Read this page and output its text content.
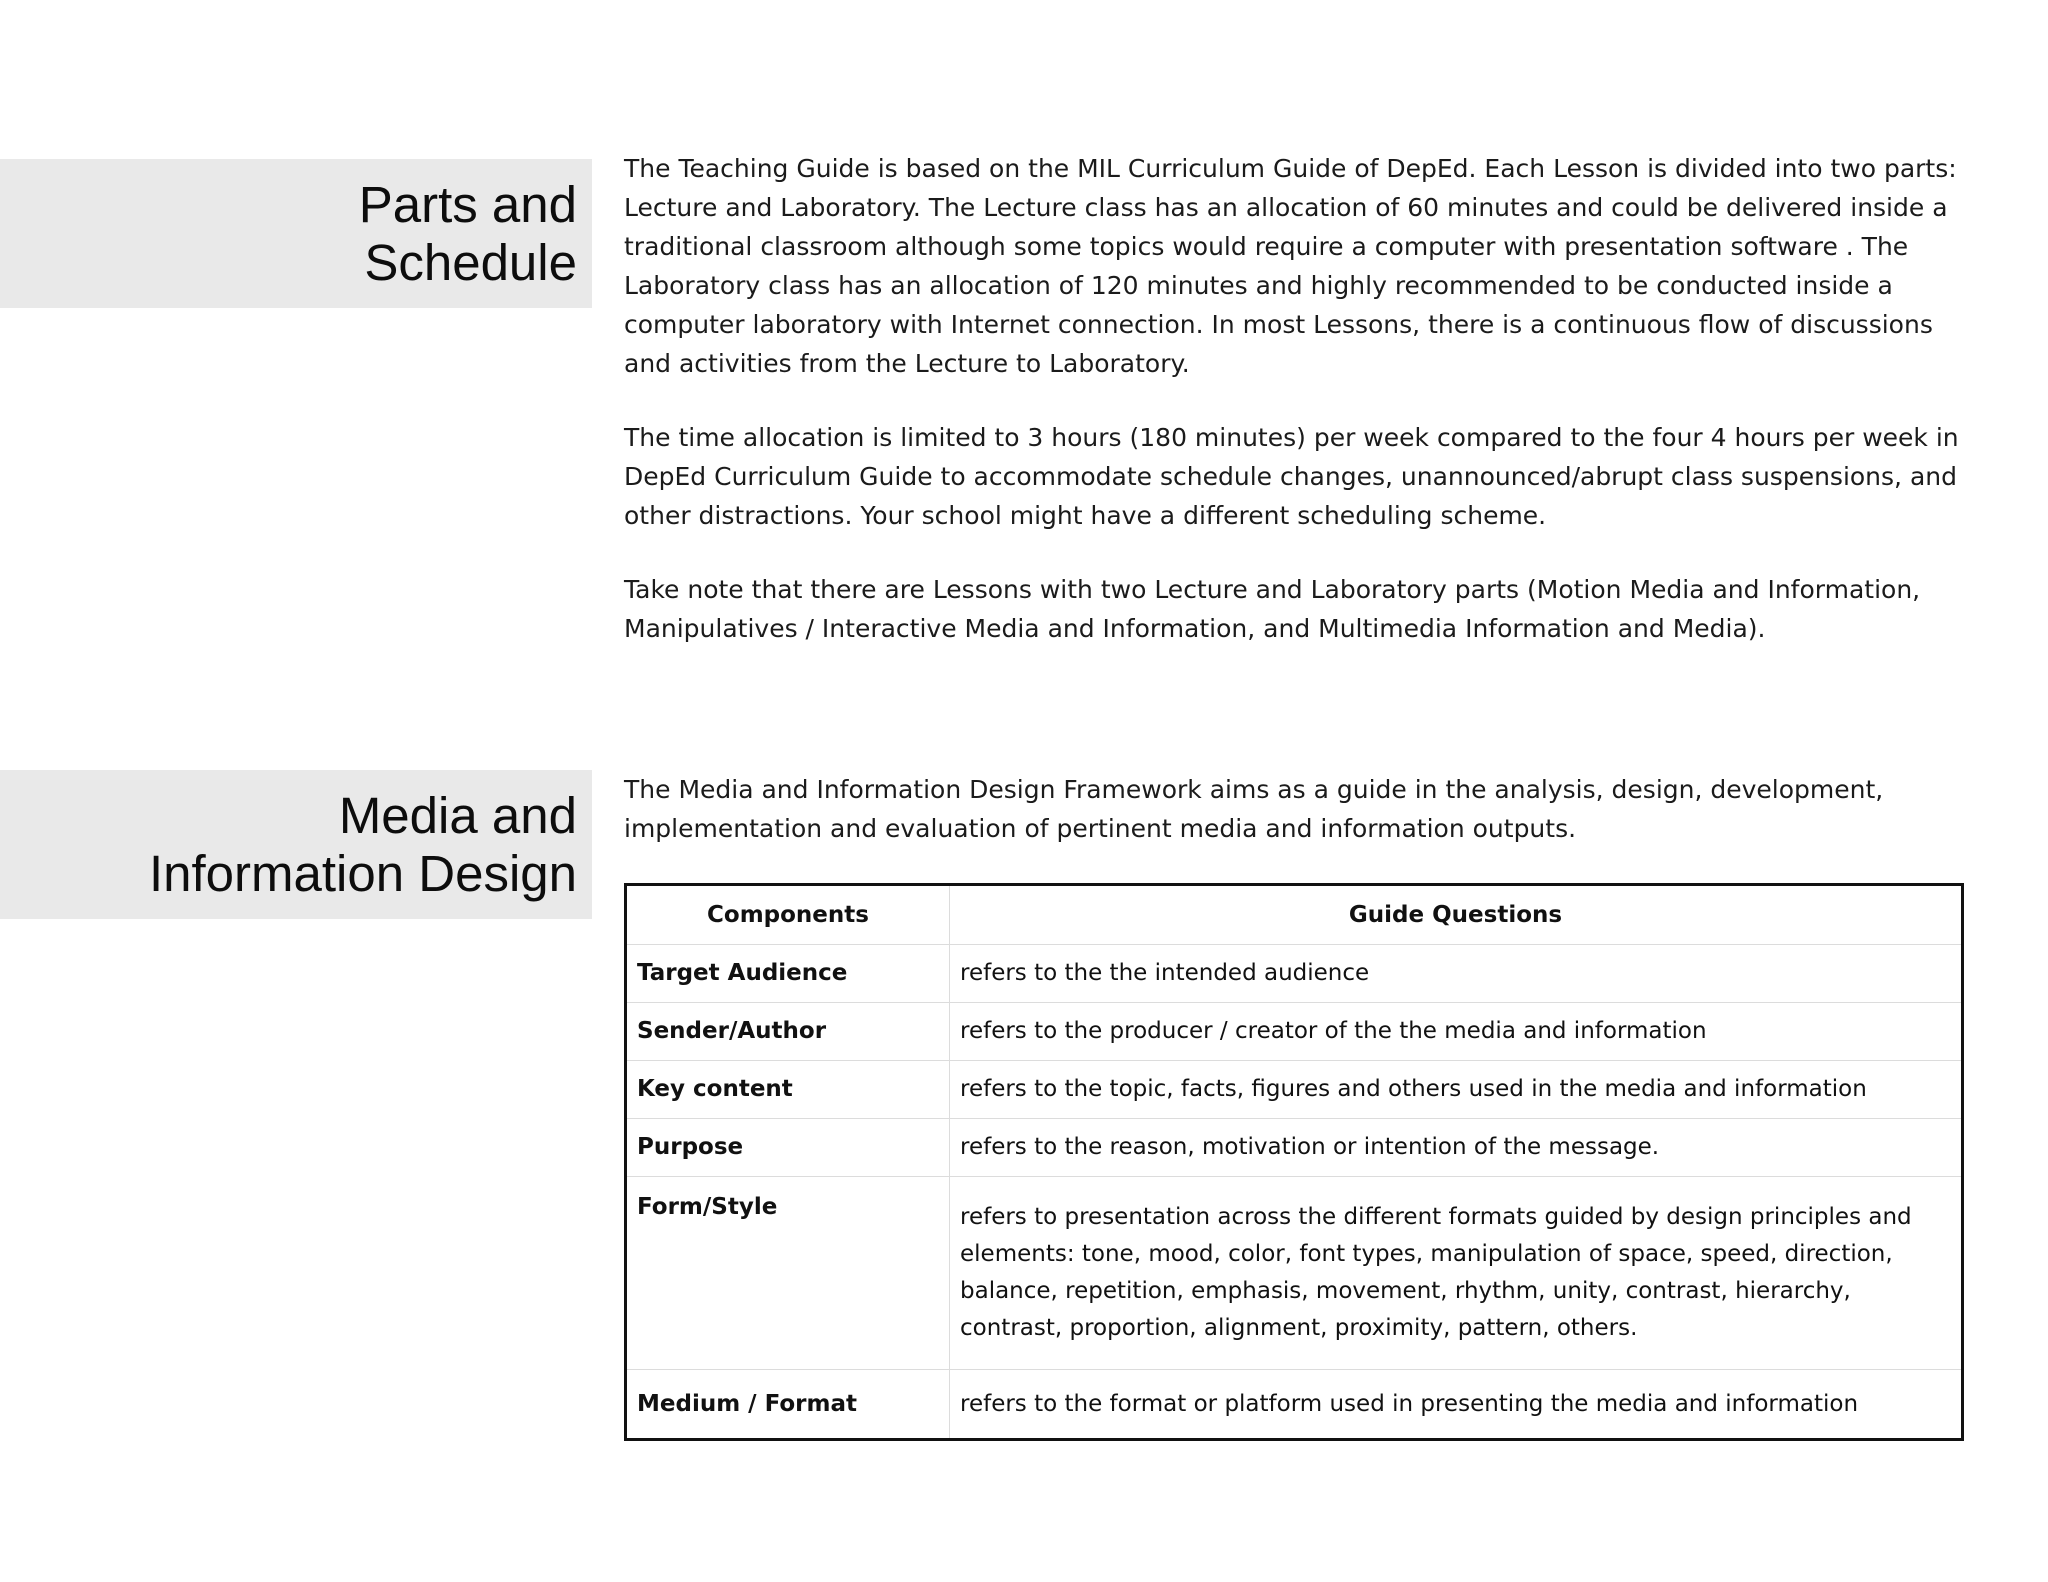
Parts and
Schedule

The Teaching Guide is based on the MIL Curriculum Guide of DepEd. Each Lesson is divided into two parts: Lecture and Laboratory. The Lecture class has an allocation of 60 minutes and could be delivered inside a traditional classroom although some topics would require a computer with presentation software . The Laboratory class has an allocation of 120 minutes and highly recommended to be conducted inside a computer laboratory with Internet connection. In most Lessons, there is a continuous flow of discussions and activities from the Lecture to Laboratory.

The time allocation is limited to 3 hours (180 minutes) per week compared to the four 4 hours per week in DepEd Curriculum Guide to accommodate schedule changes, unannounced/abrupt class suspensions, and other distractions. Your school might have a different scheduling scheme.

Take note that there are Lessons with two Lecture and Laboratory parts (Motion Media and Information, Manipulatives / Interactive Media and Information, and Multimedia Information and Media).

Media and
Information Design

The Media and Information Design Framework aims as a guide in the analysis, design, development, implementation and evaluation of pertinent media and information outputs.

Components	Guide Questions
Target Audience	refers to the the intended audience
Sender/Author	refers to the producer / creator of the the media and information
Key content	refers to the topic, facts, figures and others used in the media and information
Purpose	refers to the reason, motivation or intention of the message.
Form/Style	refers to presentation across the different formats guided by design principles and elements: tone, mood, color, font types, manipulation of space, speed, direction, balance, repetition, emphasis, movement, rhythm, unity, contrast, hierarchy, contrast, proportion, alignment, proximity, pattern, others.
Medium / Format	refers to the format or platform used in presenting the media and information
